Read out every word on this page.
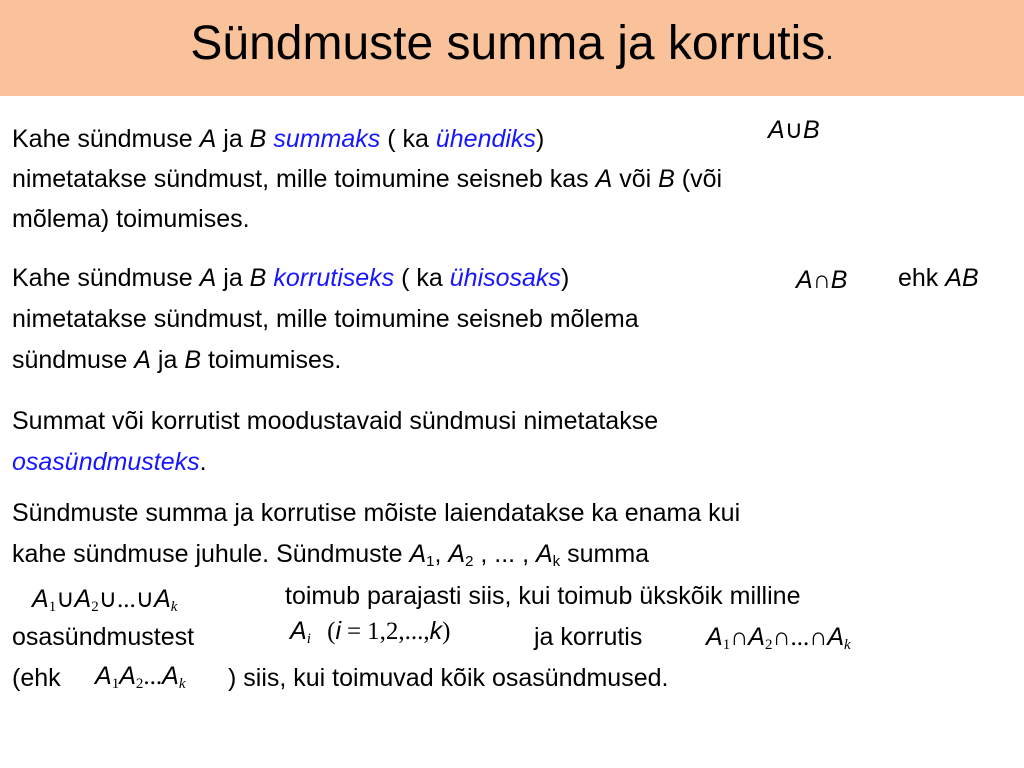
Sündmuste summa ja korrutis.
Kahe sündmuse A ja B summaks ( ka ühendiks)	A∪B
nimetatakse sündmust, mille toimumine seisneb kas A või B (või
mõlema) toimumises.
Kahe sündmuse A ja B korrutiseks ( ka ühisosaks)	A∩B ehk AB
nimetatakse sündmust, mille toimumine seisneb mõlema
sündmuse A ja B toimumises.
Summat või korrutist moodustavaid sündmusi nimetatakse
osasündmusteks.
Sündmuste summa ja korrutise mõiste laiendatakse ka enama kui
kahe sündmuse juhule. Sündmuste $A_1$, $A_2$ , ... , $A_k$ summa
$A_1\cup A_2\cup...\cup A_k$	toimub parajasti siis, kui toimub ükskõik milline
osasündmustest	$A_i$ (i = 1,2,...,k)	ja korrutis	$A_1\cap A_2\cap...\cap A_k$
(ehk $A_1A_2...A_k$ ) siis, kui toimuvad kõik osasündmused.
